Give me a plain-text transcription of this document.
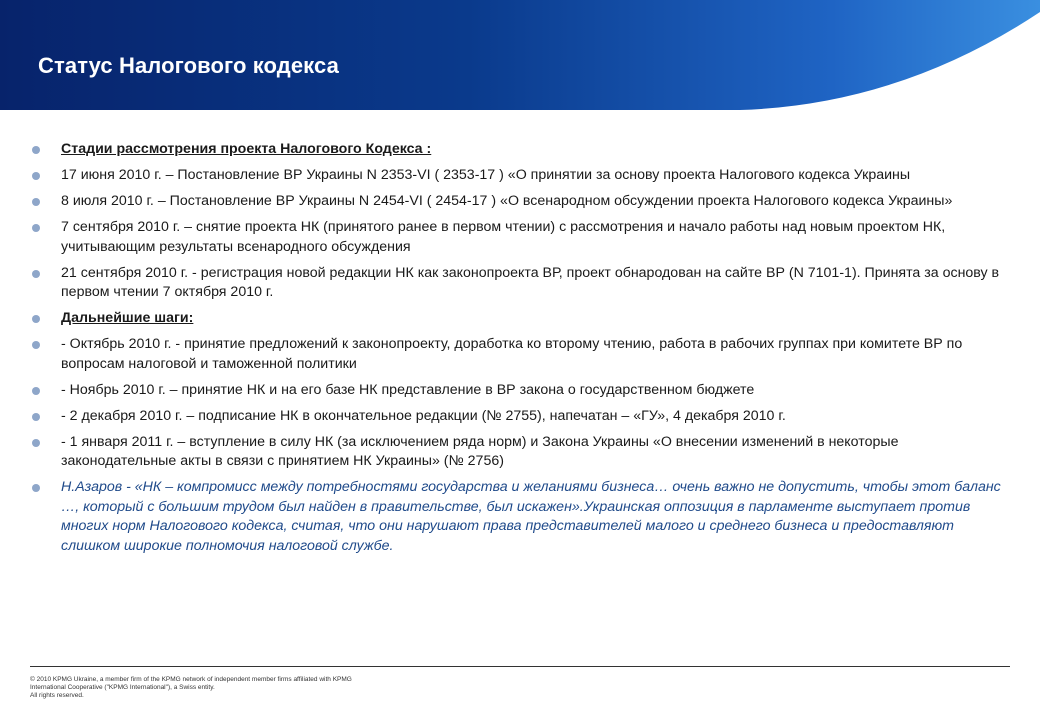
Статус Налогового кодекса
Стадии рассмотрения проекта Налогового Кодекса :
17 июня 2010 г. – Постановление ВР Украины N 2353-VI ( 2353-17 ) «О принятии за основу проекта Налогового кодекса Украины
8 июля 2010 г. – Постановление ВР Украины N 2454-VI ( 2454-17 ) «О всенародном обсуждении проекта Налогового кодекса Украины»
7 сентября 2010 г. – снятие проекта НК (принятого ранее в первом чтении) с рассмотрения и начало работы над новым проектом НК, учитывающим результаты всенародного обсуждения
21 сентября 2010 г. - регистрация новой редакции НК как законопроекта ВР, проект обнародован на сайте ВР (N 7101-1). Принята за основу в первом чтении 7 октября 2010 г.
Дальнейшие шаги:
- Октябрь 2010 г. - принятие предложений к законопроекту, доработка ко второму чтению, работа в рабочих группах при комитете ВР по вопросам налоговой и таможенной политики
- Ноябрь 2010 г. – принятие НК и на его базе НК представление в ВР закона о государственном бюджете
- 2 декабря 2010 г. – подписание НК в окончательное редакции (№ 2755), напечатан – «ГУ», 4 декабря 2010 г.
- 1 января 2011 г. – вступление в силу НК (за исключением ряда норм) и Закона Украины «О внесении изменений в некоторые законодательные акты в связи с принятием НК Украины» (№ 2756)
Н.Азаров - «НК – компромисс между потребностями государства и желаниями бизнеса… очень важно не допустить, чтобы этот баланс …, который с большим трудом был найден в правительстве, был искажен».Украинская оппозиция в парламенте выступает против многих норм Налогового кодекса, считая, что они нарушают права представителей малого и среднего бизнеса и предоставляют слишком широкие полномочия налоговой службе.
© 2010 KPMG Ukraine, a member firm of the KPMG network of independent member firms affiliated with KPMG
International Cooperative ("KPMG International"), a Swiss entity.
All rights reserved.
